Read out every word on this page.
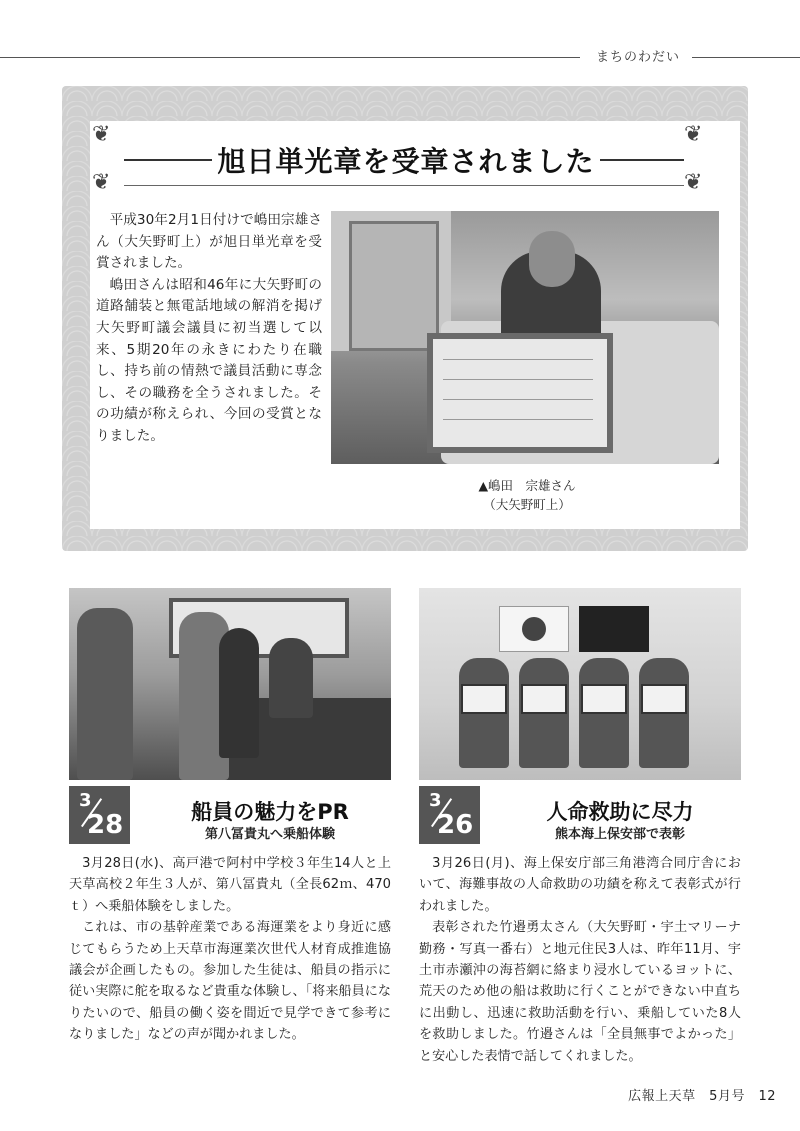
まちのわだい
❦	❦
❦	❦
旭日単光章を受章されました

平成30年2月1日付けで嶋田宗雄さん（大矢野町上）が旭日単光章を受賞されました。

嶋田さんは昭和46年に大矢野町の道路舗装と無電話地域の解消を掲げ大矢野町議会議員に初当選して以来、5期20年の永きにわたり在職し、持ち前の情熱で議員活動に専念し、その職務を全うされました。その功績が称えられ、今回の受賞となりました。

▲嶋田　宗雄さん
（大矢野町上）
3
28	船員の魅力をPR
第八冨貴丸へ乗船体験

3月28日(水)、高戸港で阿村中学校３年生14人と上天草高校２年生３人が、第八冨貴丸（全長62ｍ、470ｔ）へ乗船体験をしました。

これは、市の基幹産業である海運業をより身近に感じてもらうため上天草市海運業次世代人材育成推進協議会が企画したもの。参加した生徒は、船員の指示に従い実際に舵を取るなど貴重な体験し、「将来船員になりたいので、船員の働く姿を間近で見学できて参考になりました」などの声が聞かれました。

3
26	人命救助に尽力
熊本海上保安部で表彰

3月26日(月)、海上保安庁部三角港湾合同庁舎において、海難事故の人命救助の功績を称えて表彰式が行われました。

表彰された竹邉勇太さん（大矢野町・宇土マリーナ勤務・写真一番右）と地元住民3人は、昨年11月、宇土市赤瀬沖の海苔網に絡まり浸水しているヨットに、荒天のため他の船は救助に行くことができない中直ちに出動し、迅速に救助活動を行い、乗船していた8人を救助しました。竹邉さんは「全員無事でよかった」と安心した表情で話してくれました。

広報上天草　5月号　12
